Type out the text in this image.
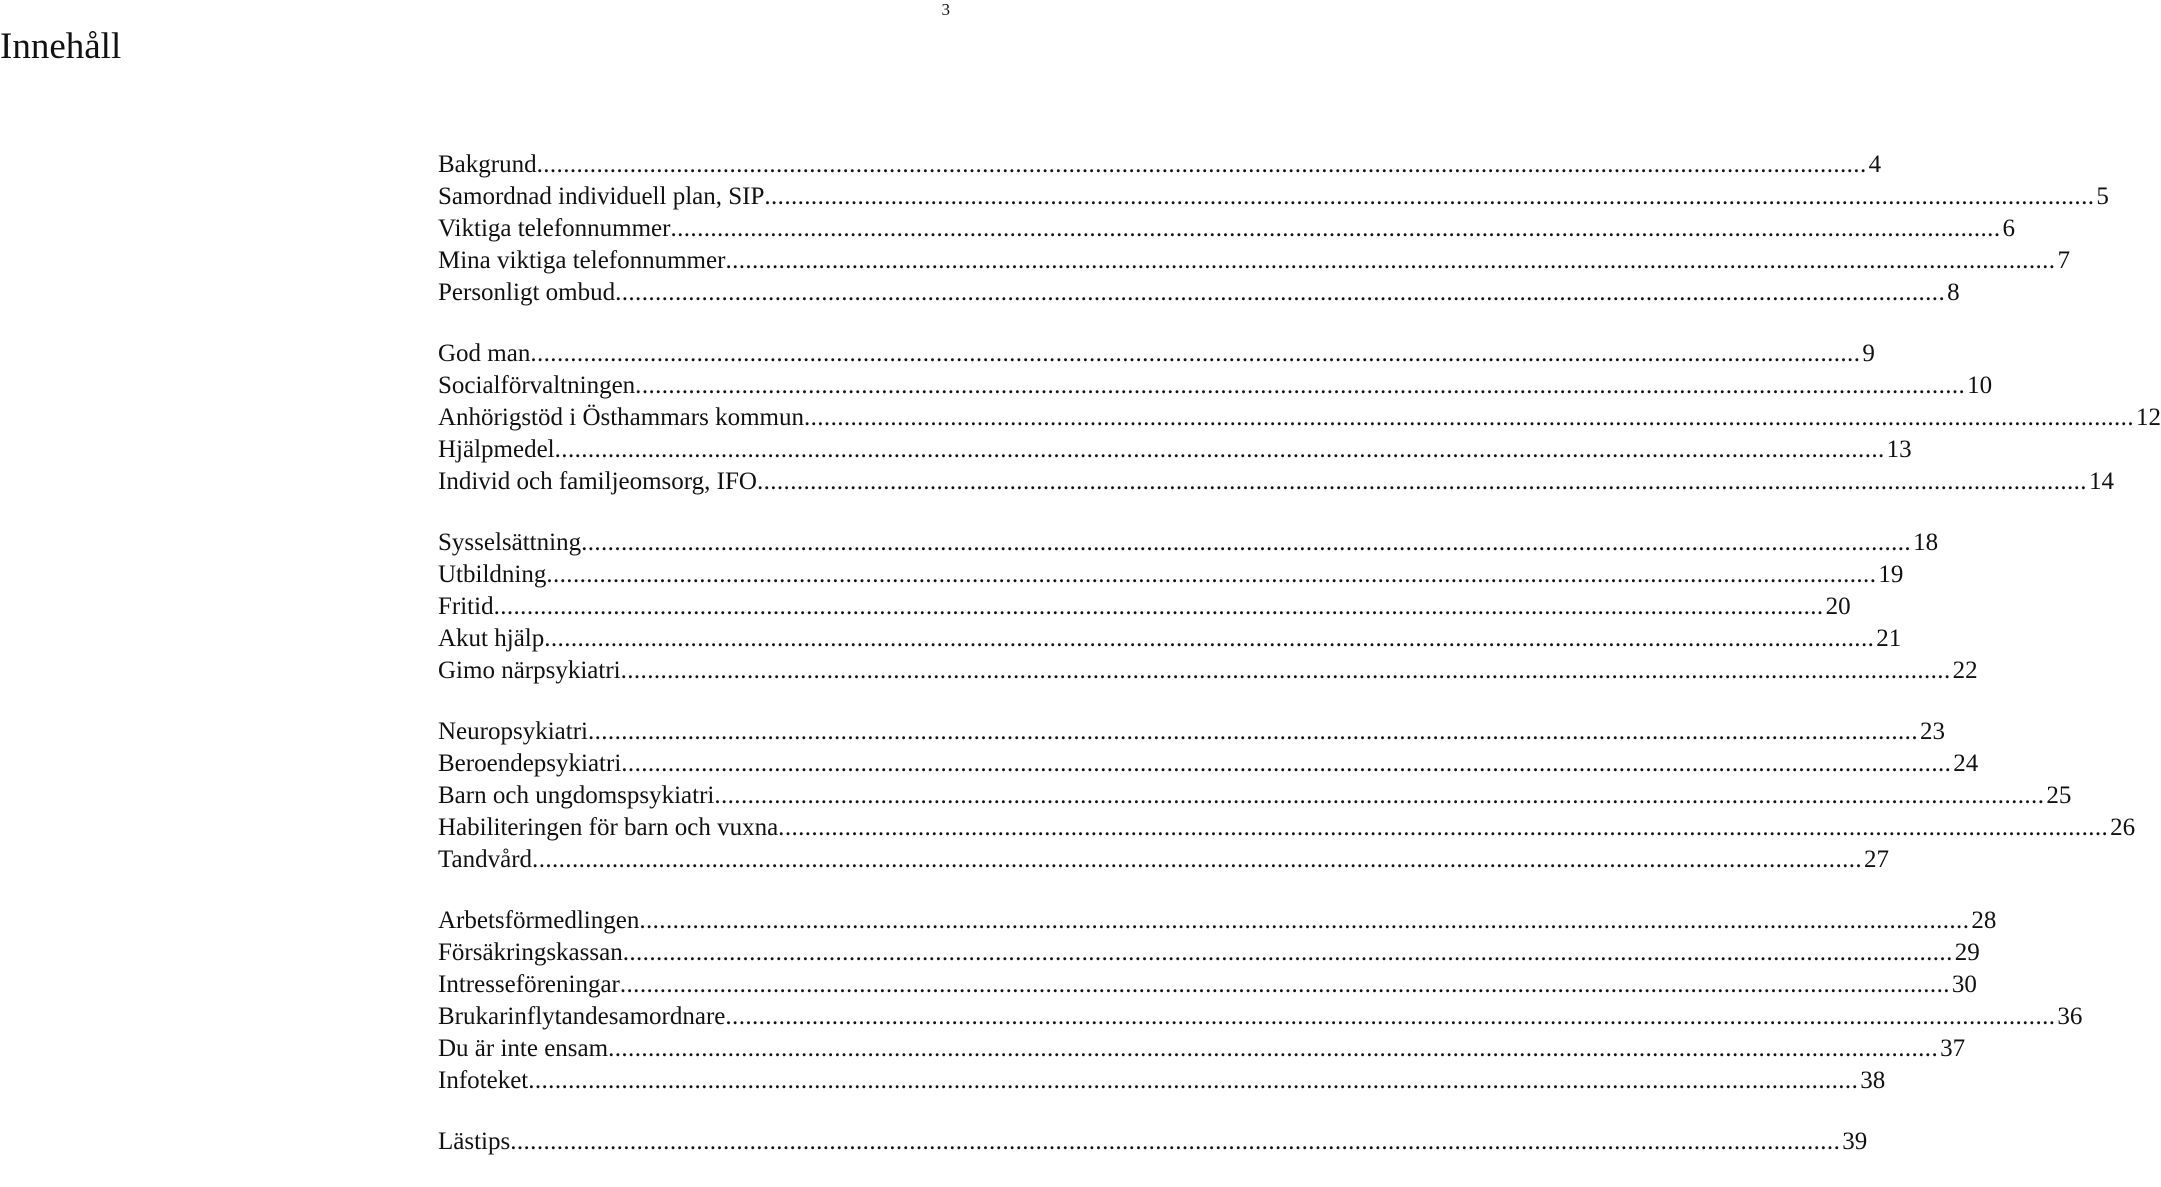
3
Innehåll
Bakgrund ........................................................................................................................................................................................................ 4
Samordnad individuell plan, SIP ........................................................................................................................................................................................................ 5
Viktiga telefonnummer ........................................................................................................................................................................................................ 6
Mina viktiga telefonnummer ........................................................................................................................................................................................................ 7
Personligt ombud ........................................................................................................................................................................................................ 8
God man ........................................................................................................................................................................................................ 9
Socialförvaltningen ........................................................................................................................................................................................................ 10
Anhörigstöd i Östhammars kommun ........................................................................................................................................................................................................ 12
Hjälpmedel ........................................................................................................................................................................................................ 13
Individ och familjeomsorg, IFO ........................................................................................................................................................................................................ 14
Sysselsättning ........................................................................................................................................................................................................ 18
Utbildning ........................................................................................................................................................................................................ 19
Fritid ........................................................................................................................................................................................................ 20
Akut hjälp ........................................................................................................................................................................................................ 21
Gimo närpsykiatri ........................................................................................................................................................................................................ 22
Neuropsykiatri ........................................................................................................................................................................................................ 23
Beroendepsykiatri ........................................................................................................................................................................................................ 24
Barn och ungdomspsykiatri ........................................................................................................................................................................................................ 25
Habiliteringen för barn och vuxna ........................................................................................................................................................................................................ 26
Tandvård ........................................................................................................................................................................................................ 27
Arbetsförmedlingen ........................................................................................................................................................................................................ 28
Försäkringskassan ........................................................................................................................................................................................................ 29
Intresseföreningar ........................................................................................................................................................................................................ 30
Brukarinflytandesamordnare ........................................................................................................................................................................................................ 36
Du är inte ensam ........................................................................................................................................................................................................ 37
Infoteket ........................................................................................................................................................................................................ 38
Lästips ........................................................................................................................................................................................................ 39
